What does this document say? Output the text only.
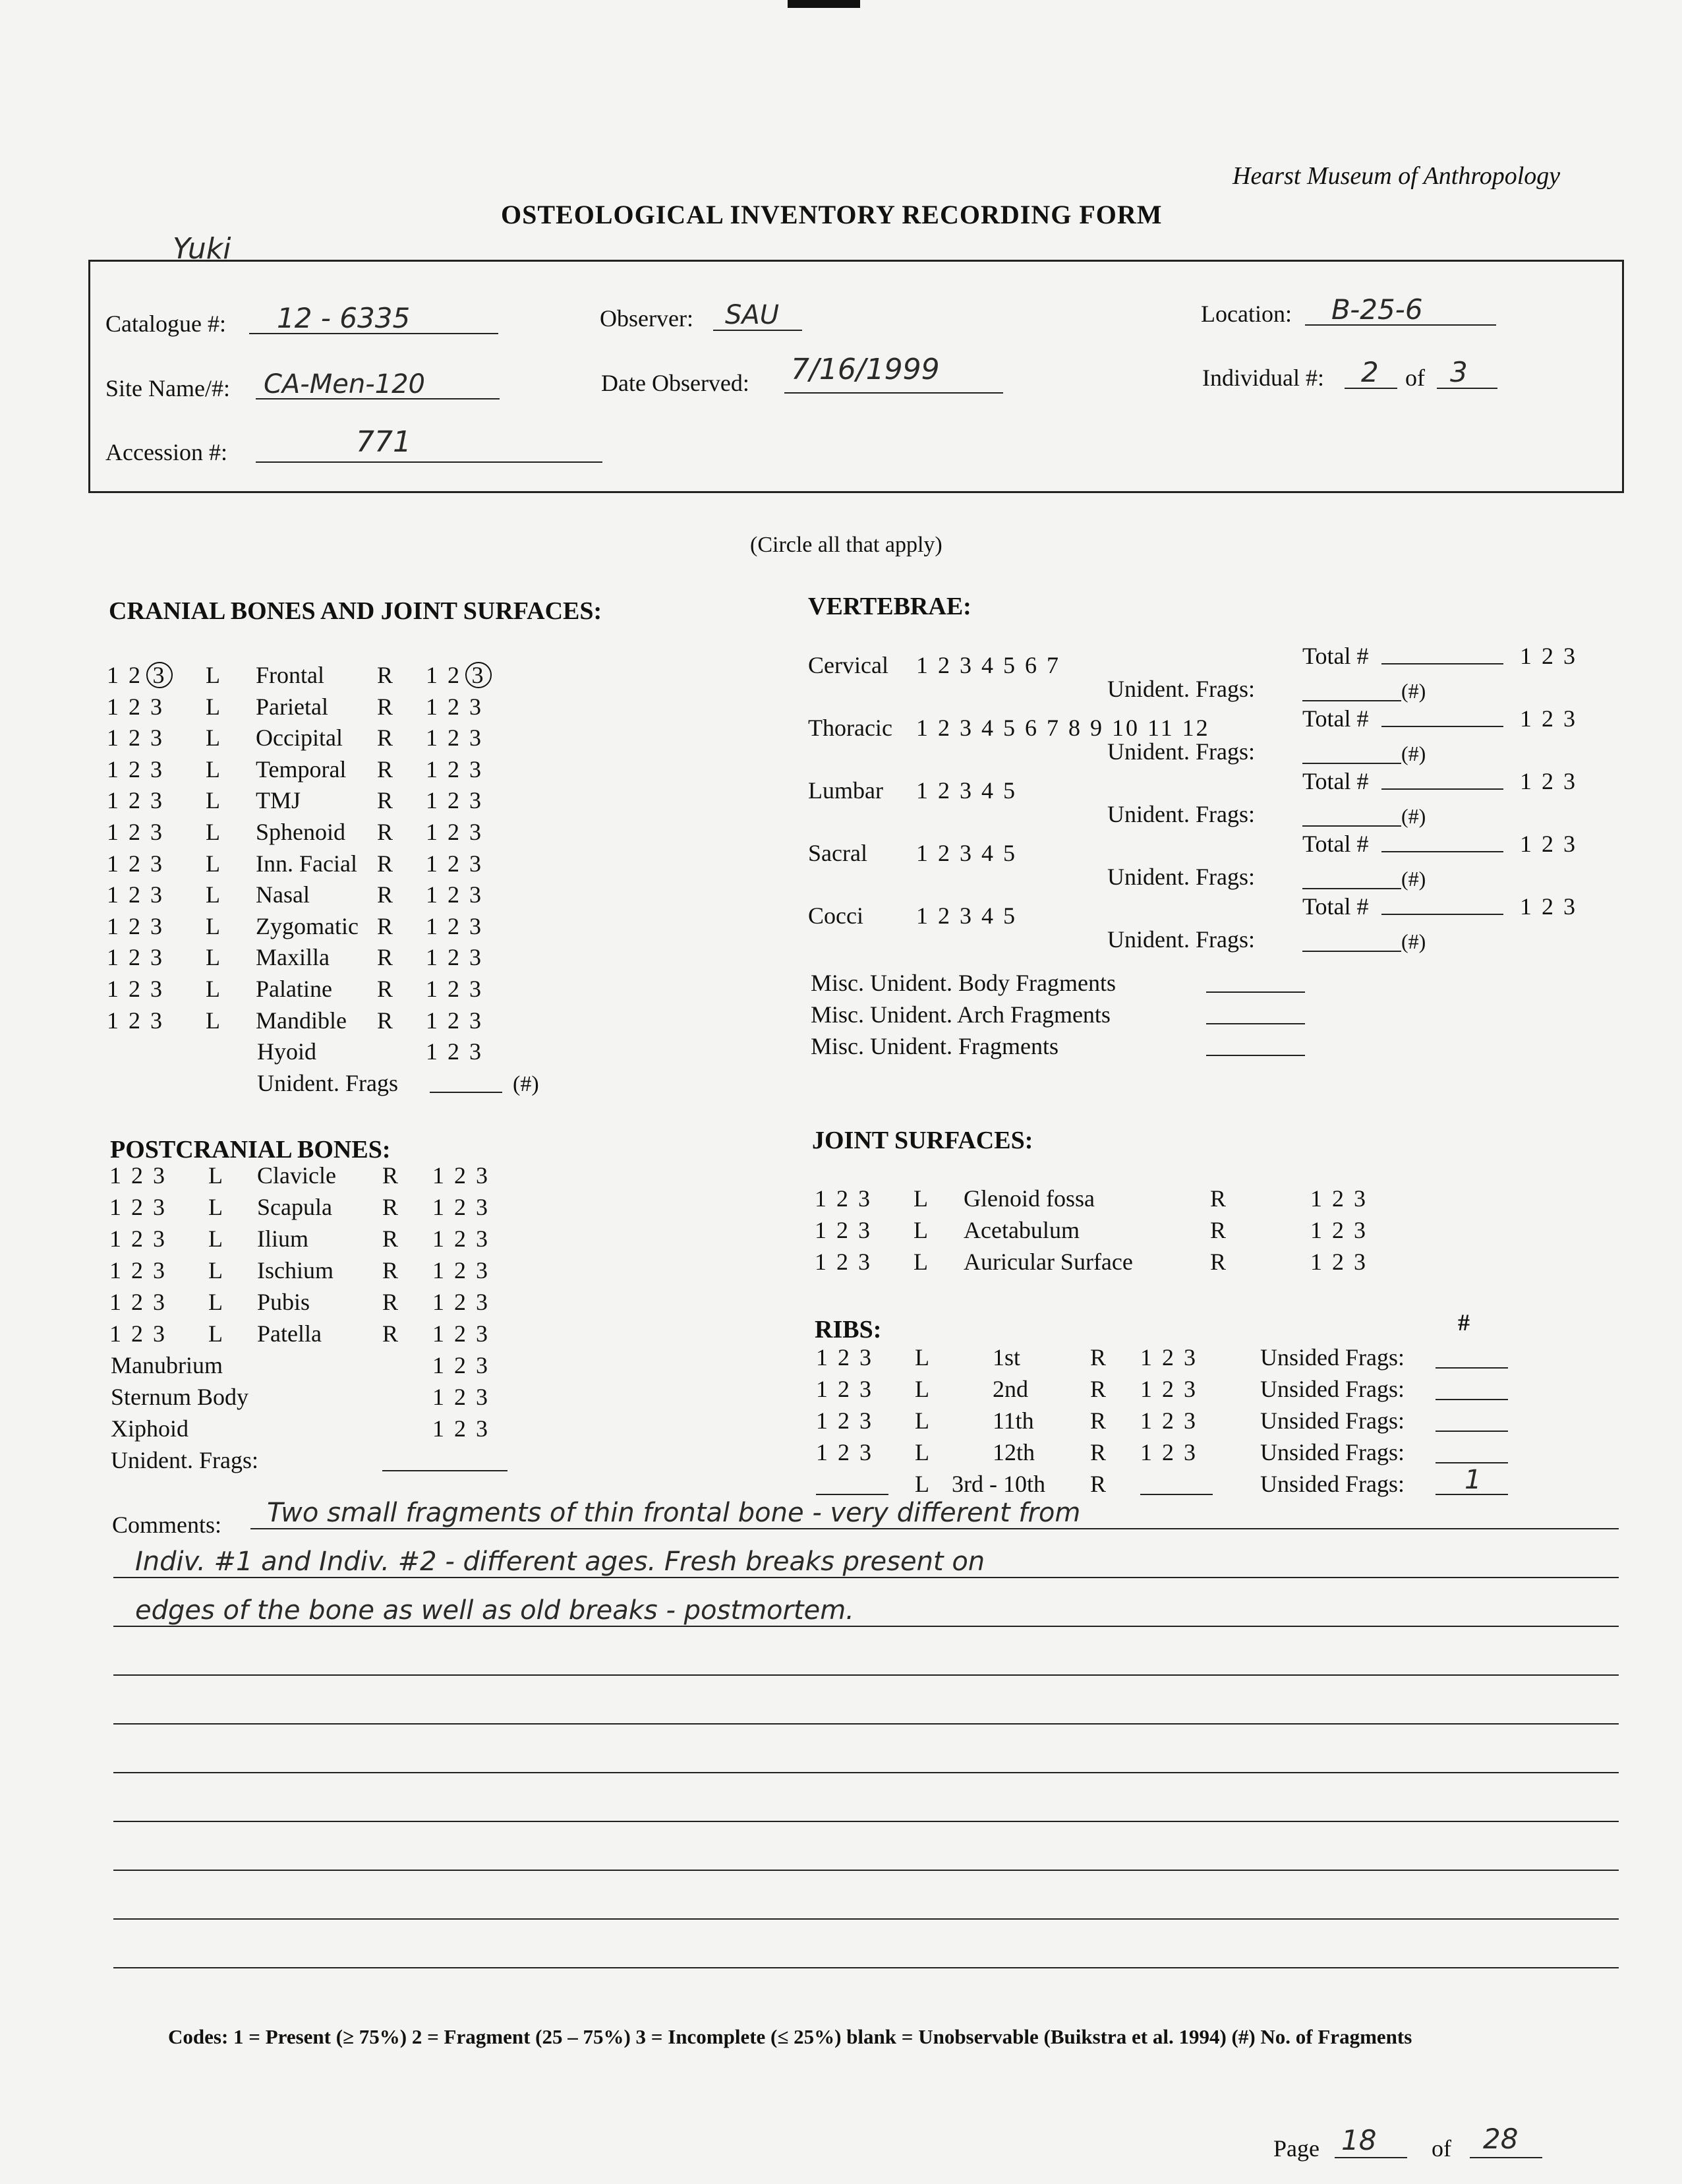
Hearst Museum of Anthropology
OSTEOLOGICAL INVENTORY RECORDING FORM
Yuki
Catalogue #: 12 - 6335	Observer: SAU	Location: B-25-6
Site Name/#: CA-Men-120	Date Observed: 7/16/1999	Individual #: 2 of 3
Accession #:	771
(Circle all that apply)
CRANIAL BONES AND JOINT SURFACES:
1 2 3 L Frontal R 1 2 3
1 2 3 L Parietal R 1 2 3
1 2 3 L Occipital R 1 2 3
1 2 3 L Temporal R 1 2 3
1 2 3 L TMJ	R 1 2 3
1 2 3 L Sphenoid R 1 2 3
1 2 3 L Inn. Facial R 1 2 3
1 2 3 L Nasal	R 1 2 3
1 2 3 L Zygomatic R 1 2 3
1 2 3 L Maxilla R 1 2 3
1 2 3 L Palatine R 1 2 3
1 2 3 L Mandible R 1 2 3
Hyoid	1 2 3
Unident. Frags	(#)
VERTEBRAE:
Cervical 1 2 3 4 5 6 7	Total #	1 2 3
Unident. Frags:	(#)
Thoracic 1 2 3 4 5 6 7 8 9 10 11 12	Total #	1 2 3
Unident. Frags:	(#)
Lumbar 1 2 3 4 5	Total #	1 2 3
Unident. Frags:	(#)
Sacral 1 2 3 4 5	Total #	1 2 3
Unident. Frags:	(#)
Cocci 1 2 3 4 5	Total #	1 2 3
Unident. Frags:	(#)
Misc. Unident. Body Fragments
Misc. Unident. Arch Fragments
Misc. Unident. Fragments
POSTCRANIAL BONES:
1 2 3 L Clavicle R 1 2 3
1 2 3 L Scapula R 1 2 3
1 2 3 L Ilium	R 1 2 3
1 2 3 L Ischium R 1 2 3
1 2 3 L Pubis	R 1 2 3
1 2 3 L Patella	R 1 2 3
Manubrium	1 2 3
Sternum Body	1 2 3
Xiphoid	1 2 3
Unident. Frags:
JOINT SURFACES:
1 2 3 L Glenoid fossa	R	1 2 3
1 2 3 L Acetabulum	R	1 2 3
1 2 3 L Auricular Surface	R	1 2 3
RIBS:	#
1 2 3 L	1st	R 1 2 3	Unsided Frags:
1 2 3 L	2nd	R 1 2 3	Unsided Frags:
1 2 3 L	11th R 1 2 3	Unsided Frags:
1 2 3 L	12th R 1 2 3	Unsided Frags:
L 3rd - 10th R	Unsided Frags: 1
Comments: Two small fragments of thin frontal bone - very different from
Indiv. #1 and Indiv. #2 - different ages. Fresh breaks present on
edges of the bone as well as old breaks - postmortem.
Codes: 1 = Present (≥ 75%) 2 = Fragment (25 – 75%) 3 = Incomplete (≤ 25%) blank = Unobservable (Buikstra et al. 1994) (#) No. of Fragments
Page 18 of 28
